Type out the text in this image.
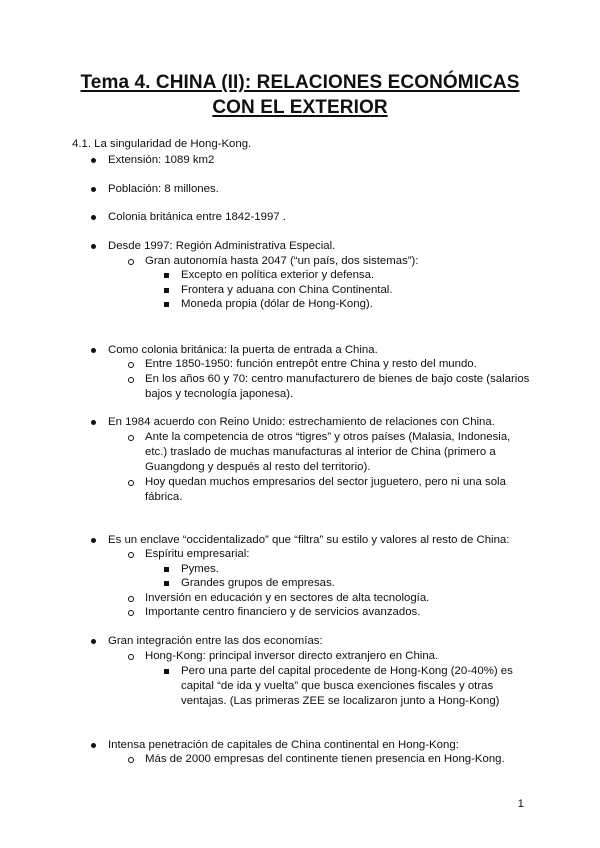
Tema 4. CHINA (II): RELACIONES ECONÓMICAS
CON EL EXTERIOR
4.1. La singularidad de Hong-Kong.
Extensión: 1089 km2
Población: 8 millones.
Colonia británica entre 1842-1997 .
Desde 1997: Región Administrativa Especial.
Gran autonomía hasta 2047 (“un país, dos sistemas”):
Excepto en política exterior y defensa.
Frontera y aduana con China Continental.
Moneda propia (dólar de Hong-Kong).
Como colonia británica: la puerta de entrada a China.
Entre 1850-1950: función entrepôt entre China y resto del mundo.
En los años 60 y 70: centro manufacturero de bienes de bajo coste (salarios bajos y tecnología japonesa).
En 1984 acuerdo con Reino Unido: estrechamiento de relaciones con China.
Ante la competencia de otros “tigres” y otros países (Malasia, Indonesia, etc.) traslado de muchas manufacturas al interior de China (primero a Guangdong y después al resto del territorio).
Hoy quedan muchos empresarios del sector juguetero, pero ni una sola fábrica.
Es un enclave “occidentalizado” que “filtra” su estilo y valores al resto de China:
Espíritu empresarial:
Pymes.
Grandes grupos de empresas.
Inversión en educación y en sectores de alta tecnología.
Importante centro financiero y de servicios avanzados.
Gran integración entre las dos economías:
Hong-Kong: principal inversor directo extranjero en China.
Pero una parte del capital procedente de Hong-Kong (20-40%) es capital “de ida y vuelta” que busca exenciones fiscales y otras ventajas. (Las primeras ZEE se localizaron junto a Hong-Kong)
Intensa penetración de capitales de China continental en Hong-Kong:
Más de 2000 empresas del continente tienen presencia en Hong-Kong.
1
